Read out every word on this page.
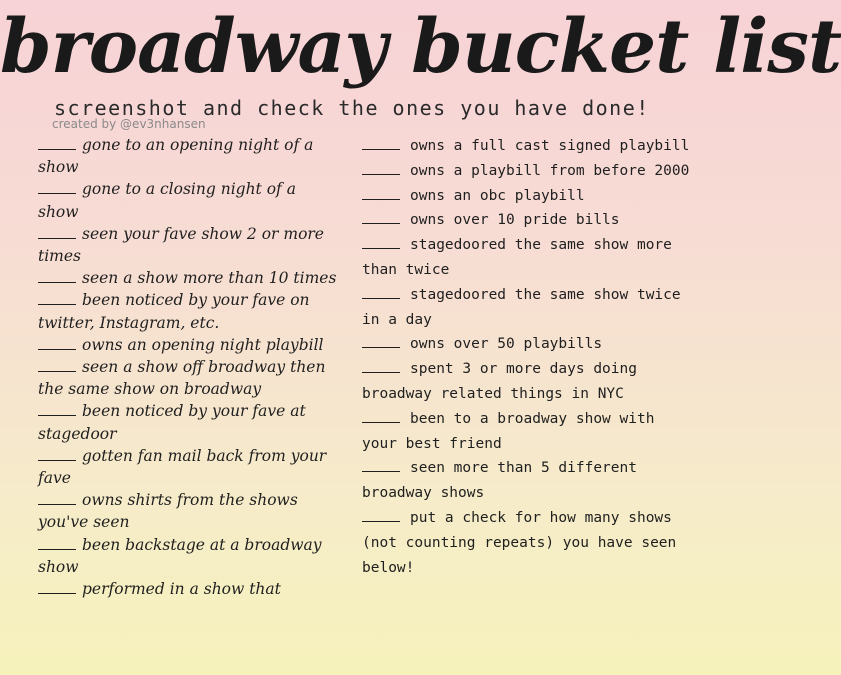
broadway bucket list
screenshot and check the ones you have done!
created by @ev3nhansen

gone to an opening night of a show

gone to a closing night of a show

seen your fave show 2 or more times

seen a show more than 10 times

been noticed by your fave on twitter, Instagram, etc.

owns an opening night playbill

seen a show off broadway then the same show on broadway

been noticed by your fave at stagedoor

gotten fan mail back from your fave

owns shirts from the shows you've seen

been backstage at a broadway show

performed in a show that

owns a full cast signed playbill

owns a playbill from before 2000

owns an obc playbill

owns over 10 pride bills

stagedoored the same show more than twice

stagedoored the same show twice in a day

owns over 50 playbills

spent 3 or more days doing broadway related things in NYC

been to a broadway show with your best friend

seen more than 5 different broadway shows

put a check for how many shows (not counting repeats) you have seen below!
